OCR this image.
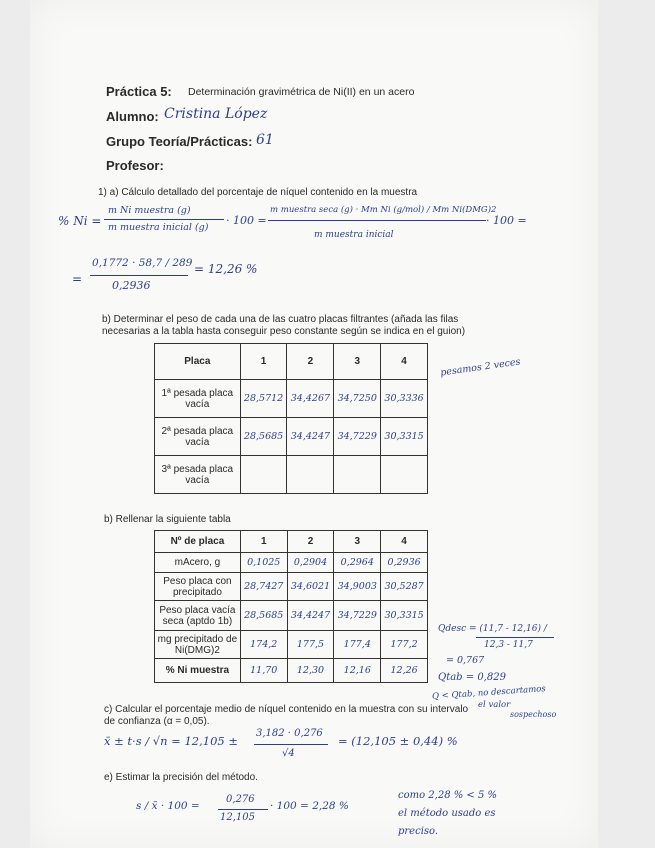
Práctica 5: Determinación gravimétrica de Ni(II) en un acero
Alumno: Cristina López
Grupo Teoría/Prácticas: 61
Profesor:
1) a) Cálculo detallado del porcentaje de níquel contenido en la muestra
% Ni =
m Ni muestra (g)
m muestra inicial (g)
· 100 =
m muestra seca (g) · Mm Ni (g/mol) / Mm Ni(DMG)2
m muestra inicial
· 100 =
=
0,1772 · 58,7 / 289
0,2936
= 12,26 %
b) Determinar el peso de cada una de las cuatro placas filtrantes (añada las filas
necesarias a la tabla hasta conseguir peso constante según se indica en el guion)
pesamos 2 veces
Placa	1	2	3	4
1ª pesada placa vacía	28,5712	34,4267	34,7250	30,3336
2ª pesada placa vacía	28,5685	34,4247	34,7229	30,3315
3ª pesada placa vacía				
b) Rellenar la siguiente tabla
Nº de placa	1	2	3	4
mAcero, g	0,1025	0,2904	0,2964	0,2936
Peso placa con precipitado	28,7427	34,6021	34,9003	30,5287
Peso placa vacía seca (aptdo 1b)	28,5685	34,4247	34,7229	30,3315
mg precipitado de Ni(DMG)2	174,2	177,5	177,4	177,2
% Ni muestra	11,70	12,30	12,16	12,26
Qdesc = (11,7 - 12,16) /
12,3 - 11,7
= 0,767
Qtab = 0,829
Q < Qtab, no descartamos
el valor
sospechoso
c) Calcular el porcentaje medio de níquel contenido en la muestra con su intervalo
de confianza (α = 0,05).
x̄ ± t·s / √n = 12,105 ±
3,182 · 0,276
√4
= (12,105 ± 0,44) %
e) Estimar la precisión del método.
s / x̄ · 100 =
0,276
12,105
· 100 = 2,28 %
como 2,28 % < 5 %
el método usado es
preciso.
